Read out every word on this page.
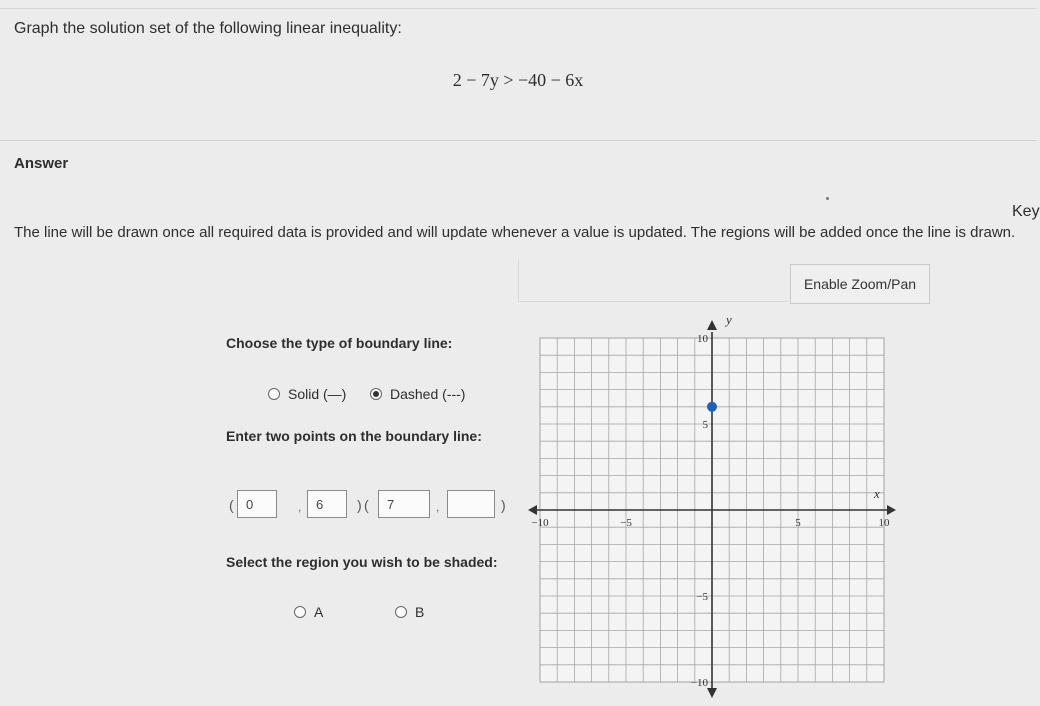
Graph the solution set of the following linear inequality:
2 − 7y > −40 − 6x
Answer
Key
The line will be drawn once all required data is provided and will update whenever a value is updated. The regions will be added once the line is drawn.
Enable Zoom/Pan
Choose the type of boundary line:
Solid (—)	Dashed (---)
Enter two points on the boundary line:
( 0	,	6	) (	7	,	)
Select the region you wish to be shaded:
A	B
x
y
−10	−5	5	10
10
5
−5
−10
